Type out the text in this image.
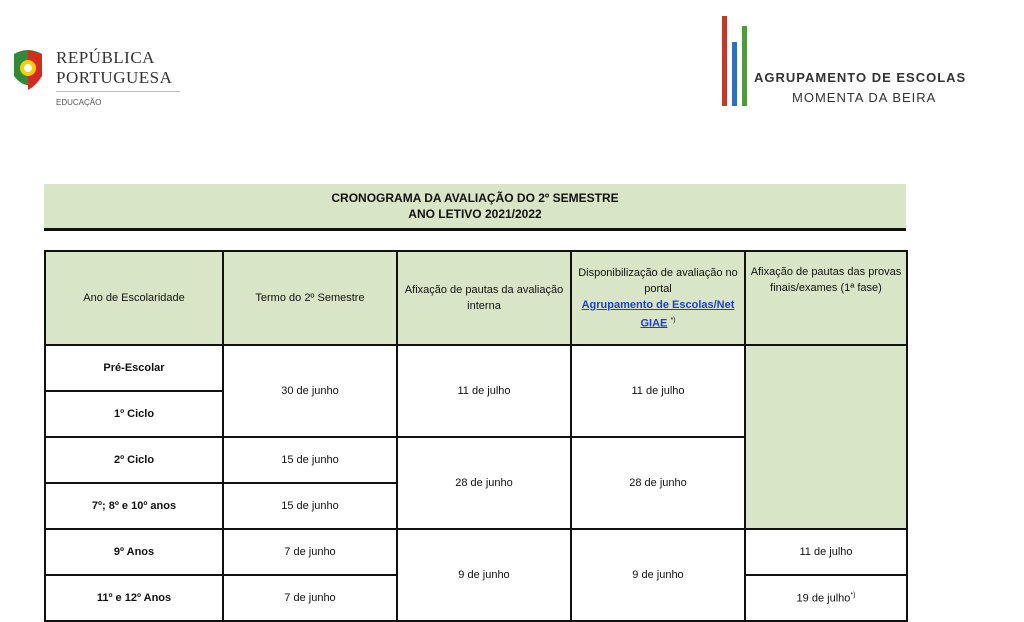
REPÚBLICA
PORTUGUESA
EDUCAÇÃO
AGRUPAMENTO DE ESCOLAS
MOMENTA DA BEIRA
CRONOGRAMA DA AVALIAÇÃO DO 2º SEMESTRE
ANO LETIVO 2021/2022
Ano de Escolaridade	Termo do 2º Semestre	Afixação de pautas da avaliação interna	Disponibilização de avaliação no portal
Agrupamento de Escolas/Net GIAE *)	Afixação de pautas das provas finais/exames (1ª fase)
Pré-Escolar	30 de junho	11 de julho	11 de julho	
1º Ciclo				
2º Ciclo	15 de junho	28 de junho	28 de junho	
7º; 8º e 10º anos	15 de junho			
9º Anos	7 de junho	9 de junho	9 de junho	11 de julho
11º e 12º Anos	7 de junho			19 de julho*)
